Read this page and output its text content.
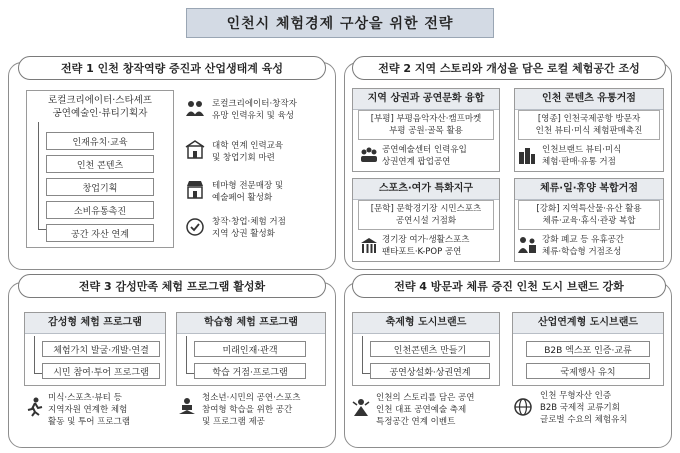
인천시 체험경제 구상을 위한 전략
전략 1 인천 창작역량 증진과 산업생태계 육성
로컬크리에이터·스타셰프
공연예술인·뷰티기획자
인재유치·교육
인천 콘텐츠
창업기획
소비유통촉진
공간 자산 연계
로컬크리에이터·창작자
유망 인력유치 및 육성
대학 연계 인력교육
및 창업기회 마련
테마형 전문매장 및
예술페어 활성화
창작·창업·체험 거점
지역 상권 활성화
전략 2 지역 스토리와 개성을 담은 로컬 체험공간 조성
지역 상권과 공연문화 융합
[부평] 부평음악자산·캠프마켓
부평 공원·골목 활용
공연예술센터 인력유입
상권연계 팝업공연
인천 콘텐츠 유통거점
[영종] 인천국제공항 방문자
인천 뷰티·미식 체험판매촉진
인천브랜드 뷰티·미식
체험·판매·유통 거점
스포츠·여가 특화지구
[문학] 문학경기장 시민스포츠
공연시설 거점화
경기장 여가·생활스포츠
팬타포트·K-POP 공연
체류·일·휴양 복합거점
[강화] 지역특산물·유산 활용
체류·교육·휴식·관광 복합
강화 폐교 등 유휴공간
체류·학습형 거점조성
전략 3 감성만족 체험 프로그램 활성화
감성형 체험 프로그램
체험가치 발굴·개발·연결
시민 참여·투어 프로그램
미식·스포츠·뷰티 등
지역자원 연계한 체험
활동 및 투어 프로그램
학습형 체험 프로그램
미래인재·관객
학습 거점·프로그램
청소년·시민의 공연·스포츠
참여형 학습을 위한 공간
및 프로그램 제공
전략 4 방문과 체류 증진 인천 도시 브랜드 강화
축제형 도시브랜드
인천콘텐츠 만들기
공연상설화·상권연계
인천의 스토리를 담은 공연
인천 대표 공연예술 축제
특정공간 연계 이벤트
산업연계형 도시브랜드
B2B 엑스포 인증·교류
국제행사 유치
인천 무형자산 인증
B2B 국제적 교류기회
글로벌 수요의 체험유치
